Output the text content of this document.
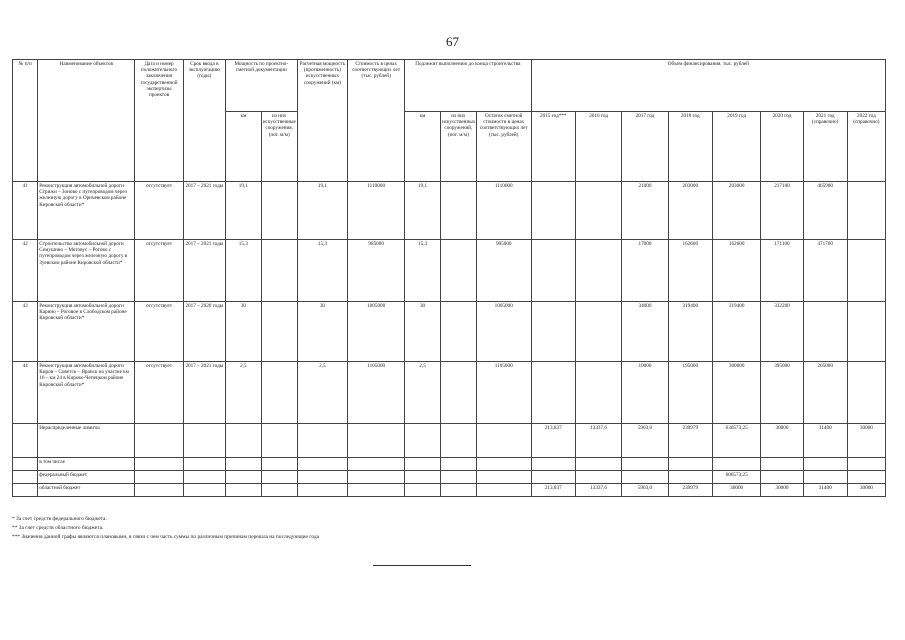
67
№ п/п	Наименование объектов	Дата и номер положительного заключения государственной экспертизы проектов	Срок ввода в эксплуатацию (годы)	Мощность по проектно-сметной документации		Расчетная мощность (протяженность) искусственных сооружений (км)	Стоимость в ценах соответствующих лет (тыс. рублей)	Подлежит выполнению до конца строительства			Объем финансирования, тыс. рублей							
				км	из них искусственные сооружения, (пог. м/м)			км	из них искусственных сооружений, (пог. м/м)	Остаток сметной стоимости в ценах соответствующих лет (тыс. рублей)	2015 год***	2016 год	2017 год	2018 год	2019 год	2020 год	2021 год (справочно)	2022 год (справочно)
41	Реконструкция автомобильной дороги Стрижи – Зоново с путепроводом через железную дорогу в Оричевском районе Кировской области*	отсутствует	2017 – 2021 годы	19,1		19,1	1110000	19,1		1110000			21000	203000	203000	217100	465900	
42	Строительство автомобильной дороги Семушино – Мотовус – Рогово с путепроводом через железную дорогу в Зуевском районе Кировской области*	отсутствует	2017 – 2021 годы	15,3		15,3	985000	15,3		985000			17000	162600	162600	171100	471700	
43	Реконструкция автомобильной дороги Карино – Роговое в Слободском районе Кировской области*	отсутствует	2017 – 2020 годы	30		30	1005000	30		1005000			34000	319400	319400	332200		
44	Реконструкция автомобильной дороги Киров – Советск – Яранск на участке км 16 – км 24 в Кирово-Чепецком районе Кировской области*	отсутствует	2017 – 2021 годы	2,5		2,5	1105000	2,5		1105000			10000	195000	300000	395000	205000	
	Нераспределенные лимиты										213,837	13337,6	5903,0	239979	636573,25	30000	31400	30000
	в том числе																	
	федеральный бюджет														606573,25			
	областной бюджет										213,837	13337,6	5903,0	239979	30000	30000	31400	30000
* За счет средств федерального бюджета.
** За счет средств областного бюджета.
*** Значения данной графы являются плановыми, в связи с чем часть суммы по различным причинам перешла на последующие года
